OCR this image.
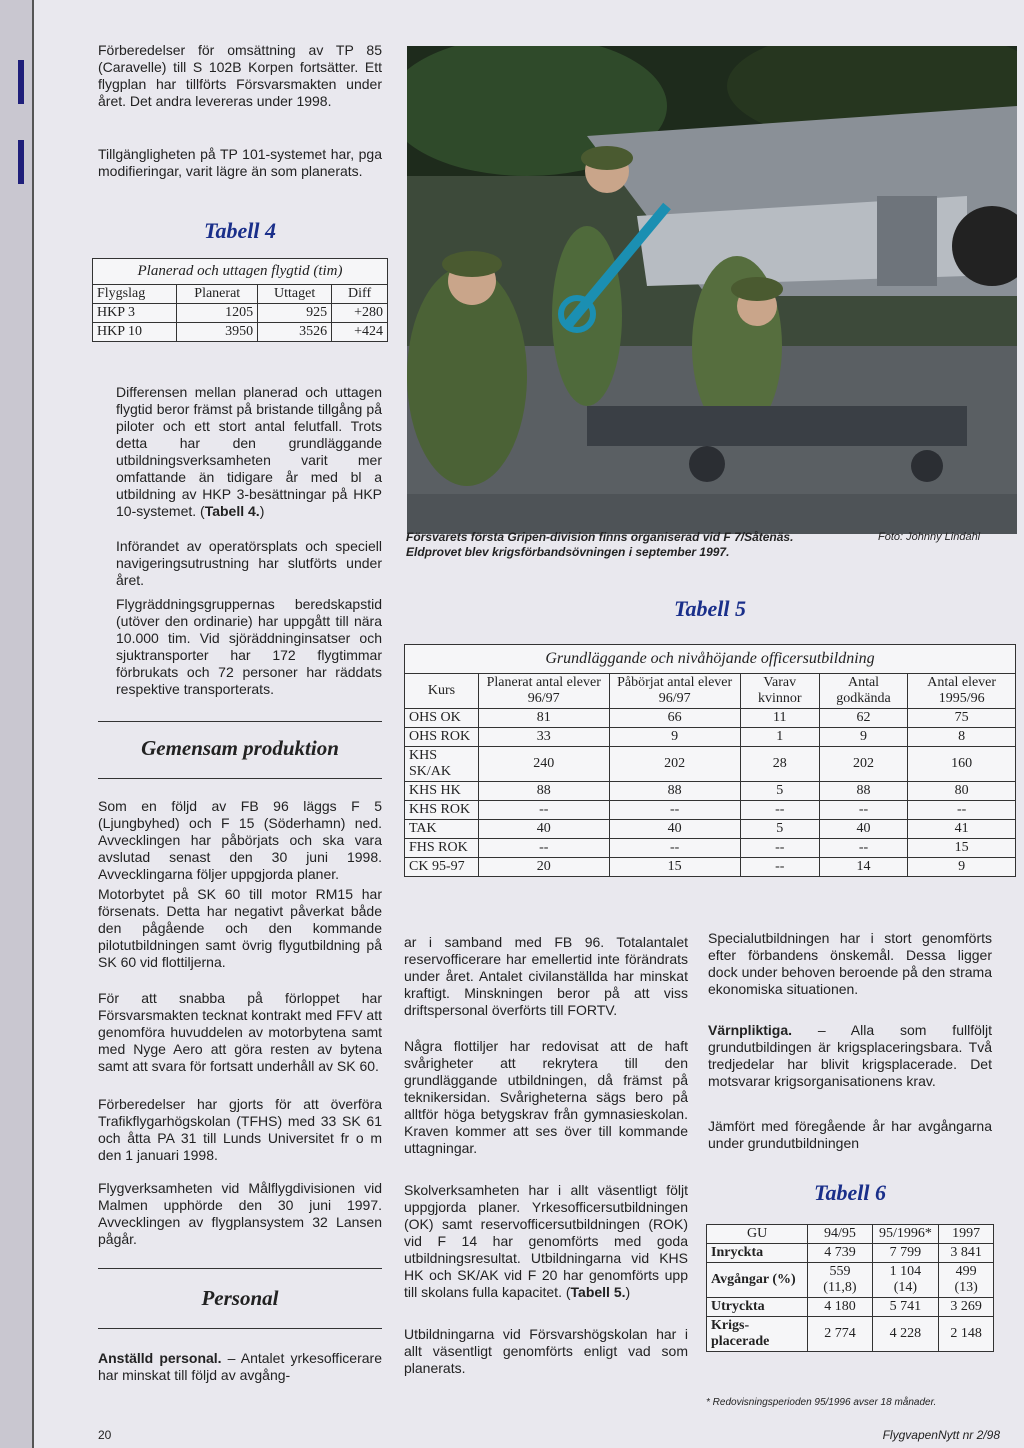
Förberedelser för omsättning av TP 85 (Caravelle) till S 102B Korpen fortsätter. Ett flygplan har tillförts Försvarsmakten under året. Det andra levereras under 1998.

Tillgängligheten på TP 101-systemet har, pga modifieringar, varit lägre än som planerats.

Tabell 4
Planerad och uttagen flygtid (tim)
Flygslag	Planerat	Uttaget	Diff
HKP 3	1205	925	+280
HKP 10	3950	3526	+424

Differensen mellan planerad och uttagen flygtid beror främst på bristande tillgång på piloter och ett stort antal felutfall. Trots detta har den grundläggande utbildningsverksamheten varit mer omfattande än tidigare år med bl a utbildning av HKP 3-besättningar på HKP 10-systemet. (Tabell 4.)

Införandet av operatörsplats och speciell navigeringsutrustning har slutförts under året.

Flygräddningsgruppernas beredskapstid (utöver den ordinarie) har uppgått till nära 10.000 tim. Vid sjöräddninginsatser och sjuktransporter har 172 flygtimmar förbrukats och 72 personer har räddats respektive transporterats.

Gemensam produktion

Som en följd av FB 96 läggs F 5 (Ljungbyhed) och F 15 (Söderhamn) ned. Avvecklingen har påbörjats och ska vara avslutad senast den 30 juni 1998. Avvecklingarna följer uppgjorda planer.

Motorbytet på SK 60 till motor RM15 har försenats. Detta har negativt påverkat både den pågående och den kommande pilotutbildningen samt övrig flygutbildning på SK 60 vid flottiljerna.

För att snabba på förloppet har Försvarsmakten tecknat kontrakt med FFV att genomföra huvuddelen av motorbytena samt med Nyge Aero att göra resten av bytena samt att svara för fortsatt underhåll av SK 60.

Förberedelser har gjorts för att överföra Trafikflygarhögskolan (TFHS) med 33 SK 61 och åtta PA 31 till Lunds Universitet fr o m den 1 januari 1998.

Flygverksamheten vid Målflygdivisionen vid Malmen upphörde den 30 juni 1997. Avvecklingen av flygplansystem 32 Lansen pågår.

Personal

Anställd personal. – Antalet yrkesofficerare har minskat till följd av avgång-

Försvarets första Gripen-division finns organiserad vid F 7/Såtenäs. Eldprovet blev krigsförbandsövningen i september 1997.
Foto: Johnny Lindahl
Tabell 5
Grundläggande och nivåhöjande officersutbildning
Kurs	Planerat antal elever 96/97	Påbörjat antal elever 96/97	Varav kvinnor	Antal godkända	Antal elever 1995/96
OHS OK	81	66	11	62	75
OHS ROK	33	9	1	9	8
KHS SK/AK	240	202	28	202	160
KHS HK	88	88	5	88	80
KHS ROK	--	--	--	--	--
TAK	40	40	5	40	41
FHS ROK	--	--	--	--	15
CK 95-97	20	15	--	14	9

ar i samband med FB 96. Totalantalet reservofficerare har emellertid inte förändrats under året. Antalet civilanställda har minskat kraftigt. Minskningen beror på att viss driftspersonal överförts till FORTV.

Några flottiljer har redovisat att de haft svårigheter att rekrytera till den grundläggande utbildningen, då främst på teknikersidan. Svårigheterna sägs bero på alltför höga betygskrav från gymnasieskolan. Kraven kommer att ses över till kommande uttagningar.

Skolverksamheten har i allt väsentligt följt uppgjorda planer. Yrkesofficersutbildningen (OK) samt reservofficersutbildningen (ROK) vid F 14 har genomförts med goda utbildningsresultat. Utbildningarna vid KHS HK och SK/AK vid F 20 har genomförts upp till skolans fulla kapacitet. (Tabell 5.)

Utbildningarna vid Försvarshögskolan har i allt väsentligt genomförts enligt vad som planerats.

Specialutbildningen har i stort genomförts efter förbandens önskemål. Dessa ligger dock under behoven beroende på den strama ekonomiska situationen.

Värnpliktiga. – Alla som fullföljt grundutbildingen är krigsplaceringsbara. Två tredjedelar har blivit krigsplacerade. Det motsvarar krigsorganisationens krav.

Jämfört med föregående år har avgångarna under grundutbildningen

Tabell 6
GU	94/95	95/1996*	1997
Inryckta	4 739	7 799	3 841
Avgångar (%)	559 (11,8)	1 104 (14)	499 (13)
Utryckta	4 180	5 741	3 269
Krigs-placerade	2 774	4 228	2 148
* Redovisningsperioden 95/1996 avser 18 månader.
20	FlygvapenNytt nr 2/98
